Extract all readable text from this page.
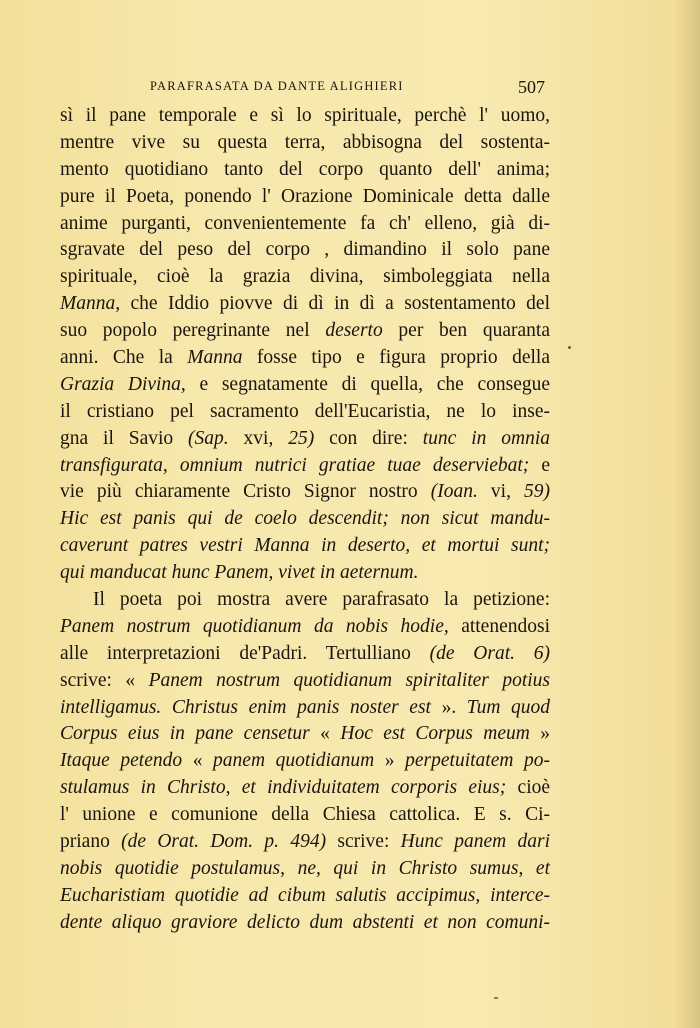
PARAFRASATA DA DANTE ALIGHIERI	507
sì il pane temporale e sì lo spirituale, perchè l' uomo,
mentre vive su questa terra, abbisogna del sostenta-
mento quotidiano tanto del corpo quanto dell' anima;
pure il Poeta, ponendo l' Orazione Dominicale detta dalle
anime purganti, convenientemente fa ch' elleno, già di-
sgravate del peso del corpo , dimandino il solo pane
spirituale, cioè la grazia divina, simboleggiata nella
Manna, che Iddio piovve di dì in dì a sostentamento del
suo popolo peregrinante nel deserto per ben quaranta
anni. Che la Manna fosse tipo e figura proprio della
Grazia Divina, e segnatamente di quella, che consegue
il cristiano pel sacramento dell'Eucaristia, ne lo inse-
gna il Savio (Sap. xvi, 25) con dire: tunc in omnia
transfigurata, omnium nutrici gratiae tuae deserviebat; e
vie più chiaramente Cristo Signor nostro (Ioan. vi, 59)
Hic est panis qui de coelo descendit; non sicut mandu-
caverunt patres vestri Manna in deserto, et mortui sunt;
qui manducat hunc Panem, vivet in aeternum.
Il poeta poi mostra avere parafrasato la petizione:
Panem nostrum quotidianum da nobis hodie, attenendosi
alle interpretazioni de'Padri. Tertulliano (de Orat. 6)
scrive: « Panem nostrum quotidianum spiritaliter potius
intelligamus. Christus enim panis noster est ». Tum quod
Corpus eius in pane censetur « Hoc est Corpus meum »
Itaque petendo « panem quotidianum » perpetuitatem po-
stulamus in Christo, et individuitatem corporis eius; cioè
l' unione e comunione della Chiesa cattolica. E s. Ci-
priano (de Orat. Dom. p. 494) scrive: Hunc panem dari
nobis quotidie postulamus, ne, qui in Christo sumus, et
Eucharistiam quotidie ad cibum salutis accipimus, interce-
dente aliquo graviore delicto dum abstenti et non comuni-
